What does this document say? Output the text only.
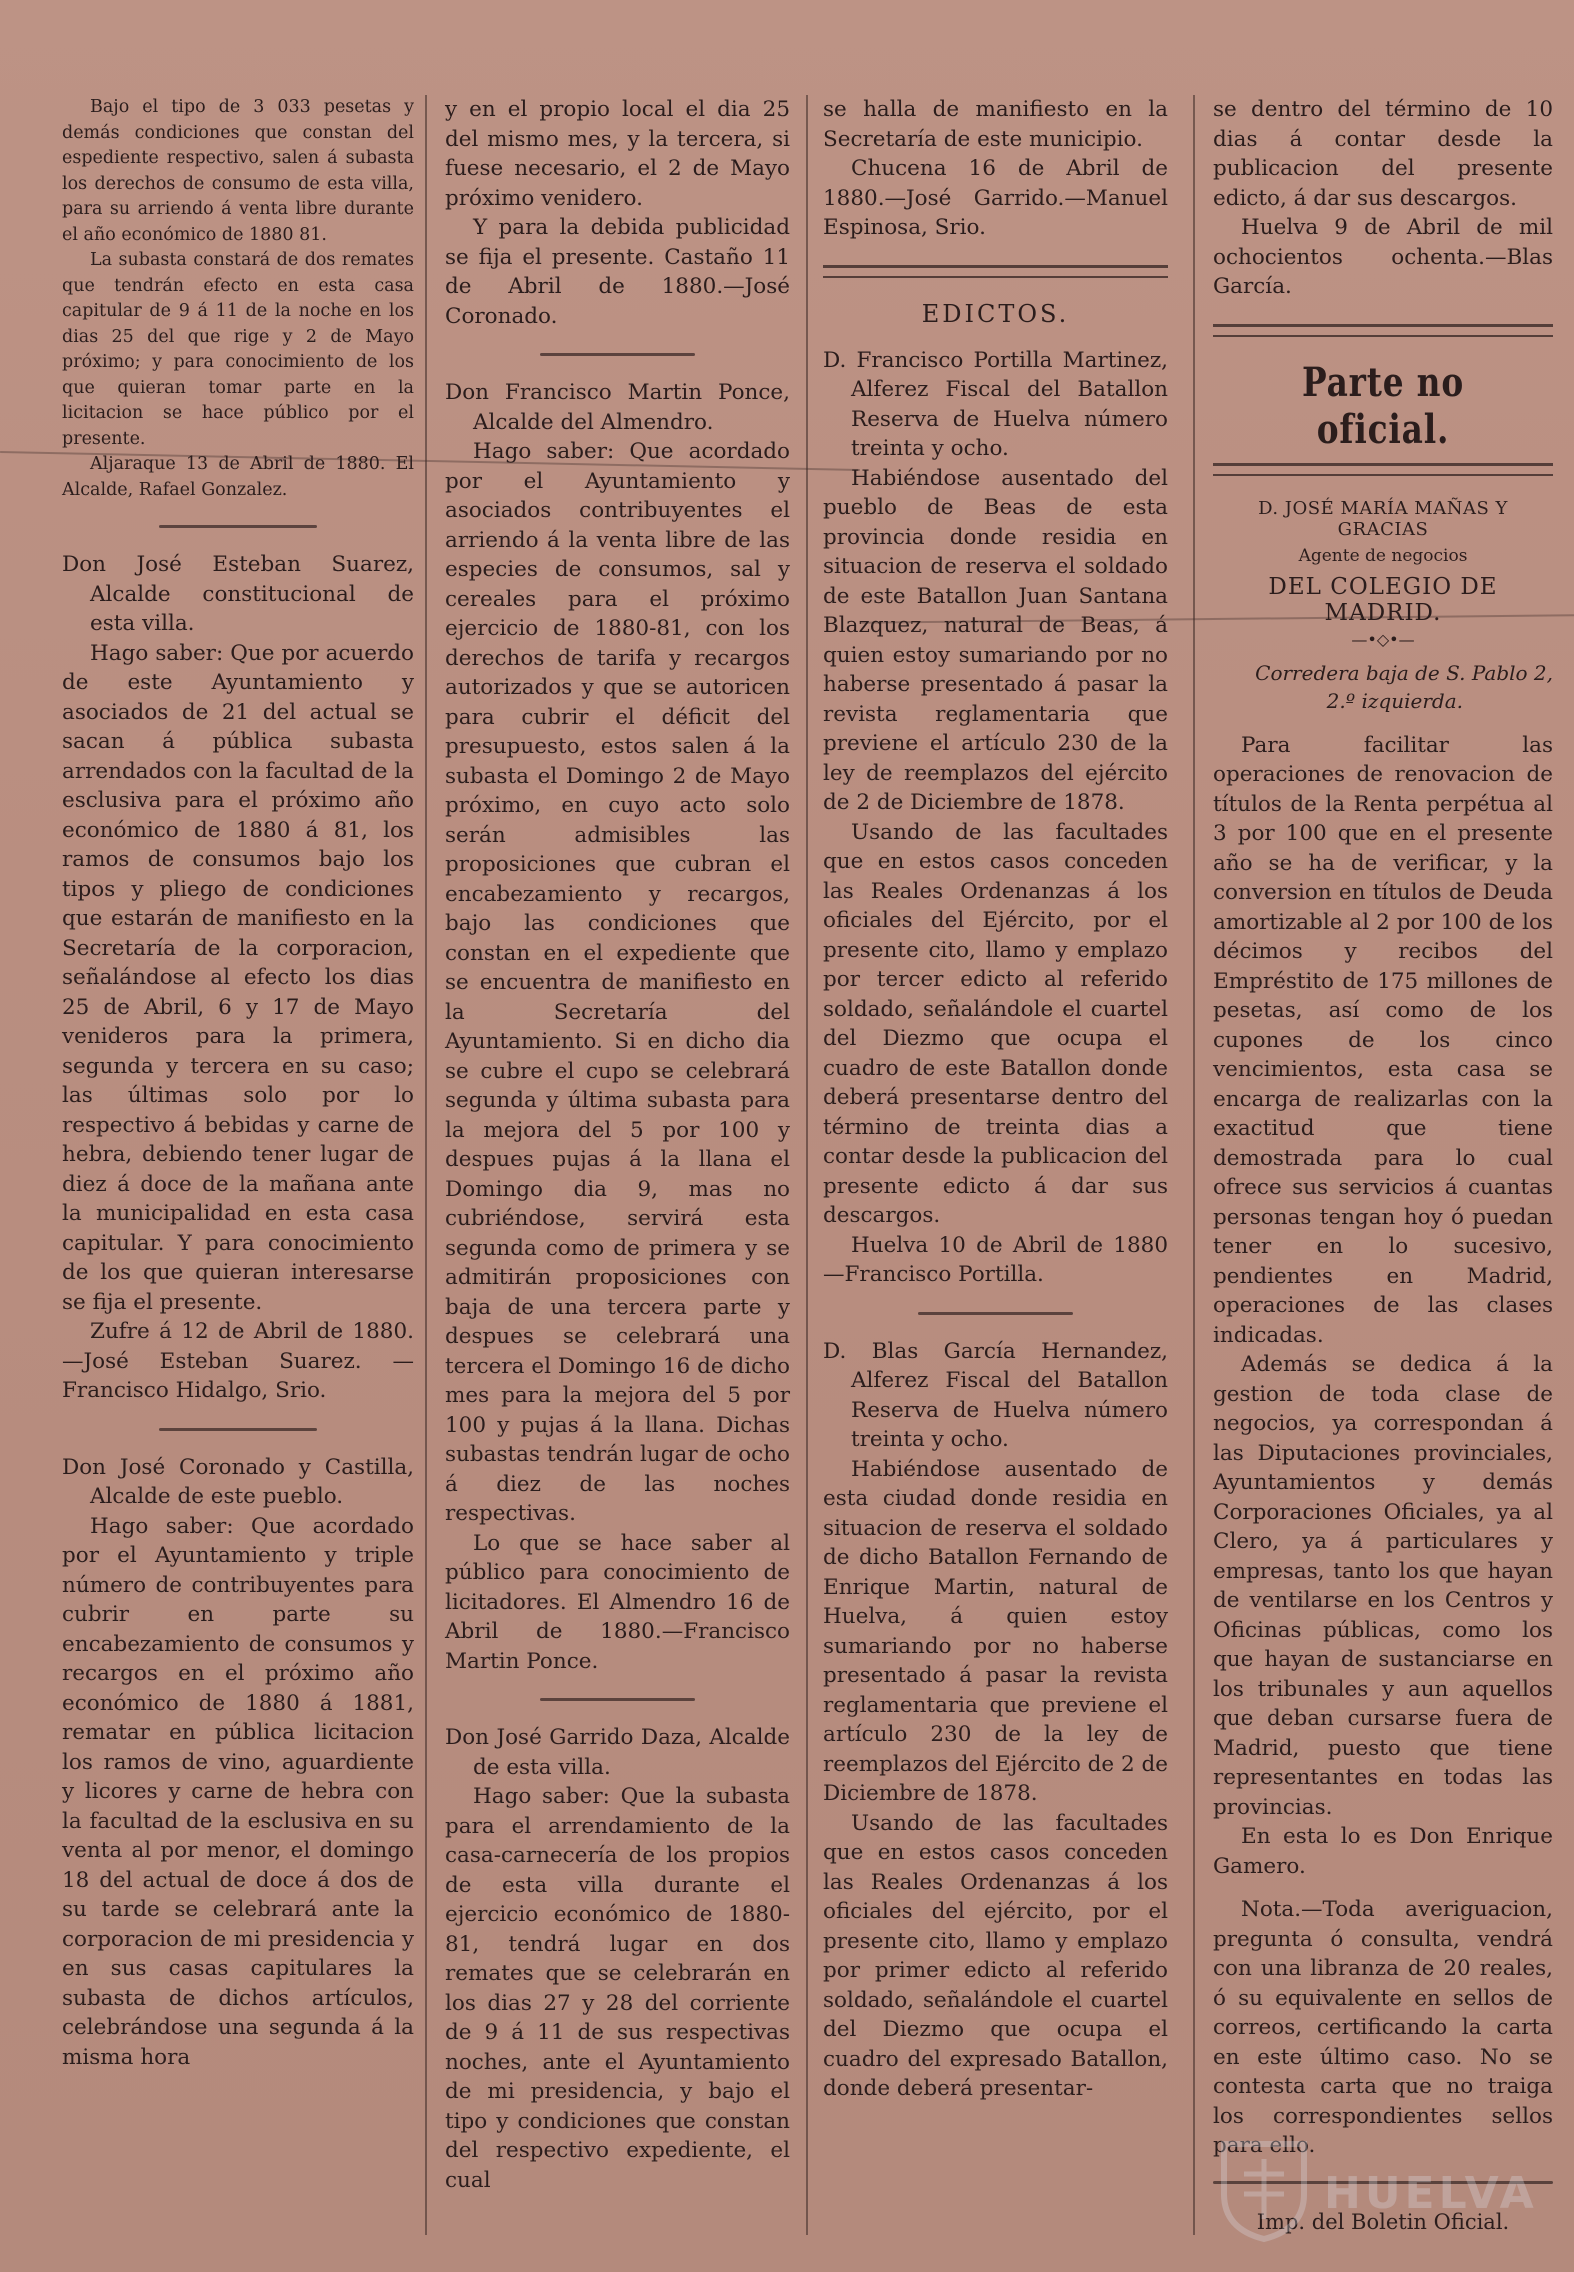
Bajo el tipo de 3 033 pesetas y demás condiciones que constan del espediente respectivo, salen á subasta los derechos de consumo de esta villa, para su arriendo á venta libre durante el año económico de 1880 81.

La subasta constará de dos remates que tendrán efecto en esta casa capitular de 9 á 11 de la noche en los dias 25 del que rige y 2 de Mayo próximo; y para conocimiento de los que quieran tomar parte en la licitacion se hace público por el presente.

Aljaraque 13 de Abril de 1880. El Alcalde, Rafael Gonzalez.

Don José Esteban Suarez, Alcalde constitucional de esta villa.

Hago saber: Que por acuerdo de este Ayuntamiento y asociados de 21 del actual se sacan á pública subasta arrendados con la facultad de la esclusiva para el próximo año económico de 1880 á 81, los ramos de consumos bajo los tipos y pliego de condiciones que estarán de manifiesto en la Secretaría de la corporacion, señalándose al efecto los dias 25 de Abril, 6 y 17 de Mayo venideros para la primera, segunda y tercera en su caso; las últimas solo por lo respectivo á bebidas y carne de hebra, debiendo tener lugar de diez á doce de la mañana ante la municipalidad en esta casa capitular. Y para conocimiento de los que quieran interesarse se fija el presente.

Zufre á 12 de Abril de 1880.—José Esteban Suarez. —Francisco Hidalgo, Srio.

Don José Coronado y Castilla, Alcalde de este pueblo.

Hago saber: Que acordado por el Ayuntamiento y triple número de contribuyentes para cubrir en parte su encabezamiento de consumos y recargos en el próximo año económico de 1880 á 1881, rematar en pública licitacion los ramos de vino, aguardiente y licores y carne de hebra con la facultad de la esclusiva en su venta al por menor, el domingo 18 del actual de doce á dos de su tarde se celebrará ante la corporacion de mi presidencia y en sus casas capitulares la subasta de dichos artículos, celebrándose una segunda á la misma hora

y en el propio local el dia 25 del mismo mes, y la tercera, si fuese necesario, el 2 de Mayo próximo venidero.

Y para la debida publicidad se fija el presente. Castaño 11 de Abril de 1880.—José Coronado.

Don Francisco Martin Ponce, Alcalde del Almendro.

Hago saber: Que acordado por el Ayuntamiento y asociados contribuyentes el arriendo á la venta libre de las especies de consumos, sal y cereales para el próximo ejercicio de 1880-81, con los derechos de tarifa y recargos autorizados y que se autoricen para cubrir el déficit del presupuesto, estos salen á la subasta el Domingo 2 de Mayo próximo, en cuyo acto solo serán admisibles las proposiciones que cubran el encabezamiento y recargos, bajo las condiciones que constan en el expediente que se encuentra de manifiesto en la Secretaría del Ayuntamiento. Si en dicho dia se cubre el cupo se celebrará segunda y última subasta para la mejora del 5 por 100 y despues pujas á la llana el Domingo dia 9, mas no cubriéndose, servirá esta segunda como de primera y se admitirán proposiciones con baja de una tercera parte y despues se celebrará una tercera el Domingo 16 de dicho mes para la mejora del 5 por 100 y pujas á la llana. Dichas subastas tendrán lugar de ocho á diez de las noches respectivas.

Lo que se hace saber al público para conocimiento de licitadores. El Almendro 16 de Abril de 1880.—Francisco Martin Ponce.

Don José Garrido Daza, Alcalde de esta villa.

Hago saber: Que la subasta para el arrendamiento de la casa-carnecería de los propios de esta villa durante el ejercicio económico de 1880-81, tendrá lugar en dos remates que se celebrarán en los dias 27 y 28 del corriente de 9 á 11 de sus respectivas noches, ante el Ayuntamiento de mi presidencia, y bajo el tipo y condiciones que constan del respectivo expediente, el cual

se halla de manifiesto en la Secretaría de este municipio.

Chucena 16 de Abril de 1880.—José Garrido.—Manuel Espinosa, Srio.

EDICTOS.

D. Francisco Portilla Martinez, Alferez Fiscal del Batallon Reserva de Huelva número treinta y ocho.

Habiéndose ausentado del pueblo de Beas de esta provincia donde residia en situacion de reserva el soldado de este Batallon Juan Santana Blazquez, natural de Beas, á quien estoy sumariando por no haberse presentado á pasar la revista reglamentaria que previene el artículo 230 de la ley de reemplazos del ejército de 2 de Diciembre de 1878.

Usando de las facultades que en estos casos conceden las Reales Ordenanzas á los oficiales del Ejército, por el presente cito, llamo y emplazo por tercer edicto al referido soldado, señalándole el cuartel del Diezmo que ocupa el cuadro de este Batallon donde deberá presentarse dentro del término de treinta dias a contar desde la publicacion del presente edicto á dar sus descargos.

Huelva 10 de Abril de 1880 —Francisco Portilla.

D. Blas García Hernandez, Alferez Fiscal del Batallon Reserva de Huelva número treinta y ocho.

Habiéndose ausentado de esta ciudad donde residia en situacion de reserva el soldado de dicho Batallon Fernando de Enrique Martin, natural de Huelva, á quien estoy sumariando por no haberse presentado á pasar la revista reglamentaria que previene el artículo 230 de la ley de reemplazos del Ejército de 2 de Diciembre de 1878.

Usando de las facultades que en estos casos conceden las Reales Ordenanzas á los oficiales del ejército, por el presente cito, llamo y emplazo por primer edicto al referido soldado, señalándole el cuartel del Diezmo que ocupa el cuadro del expresado Batallon, donde deberá presentar-

se dentro del término de 10 dias á contar desde la publicacion del presente edicto, á dar sus descargos.

Huelva 9 de Abril de mil ochocientos ochenta.—Blas García.

Parte no oficial.
D. JOSÉ MARÍA MAÑAS Y GRACIAS
Agente de negocios
DEL COLEGIO DE MADRID.
—•◇•—
Corredera baja de S. Pablo 2,
2.º izquierda.

Para facilitar las operaciones de renovacion de títulos de la Renta perpétua al 3 por 100 que en el presente año se ha de verificar, y la conversion en títulos de Deuda amortizable al 2 por 100 de los décimos y recibos del Empréstito de 175 millones de pesetas, así como de los cupones de los cinco vencimientos, esta casa se encarga de realizarlas con la exactitud que tiene demostrada para lo cual ofrece sus servicios á cuantas personas tengan hoy ó puedan tener en lo sucesivo, pendientes en Madrid, operaciones de las clases indicadas.

Además se dedica á la gestion de toda clase de negocios, ya correspondan á las Diputaciones provinciales, Ayuntamientos y demás Corporaciones Oficiales, ya al Clero, ya á particulares y empresas, tanto los que hayan de ventilarse en los Centros y Oficinas públicas, como los que hayan de sustanciarse en los tribunales y aun aquellos que deban cursarse fuera de Madrid, puesto que tiene representantes en todas las provincias.

En esta lo es Don Enrique Gamero.

Nota.—Toda averiguacion, pregunta ó consulta, vendrá con una libranza de 20 reales, ó su equivalente en sellos de correos, certificando la carta en este último caso. No se contesta carta que no traiga los correspondientes sellos para ello.

Imp. del Boletin Oficial.
HUELVA
